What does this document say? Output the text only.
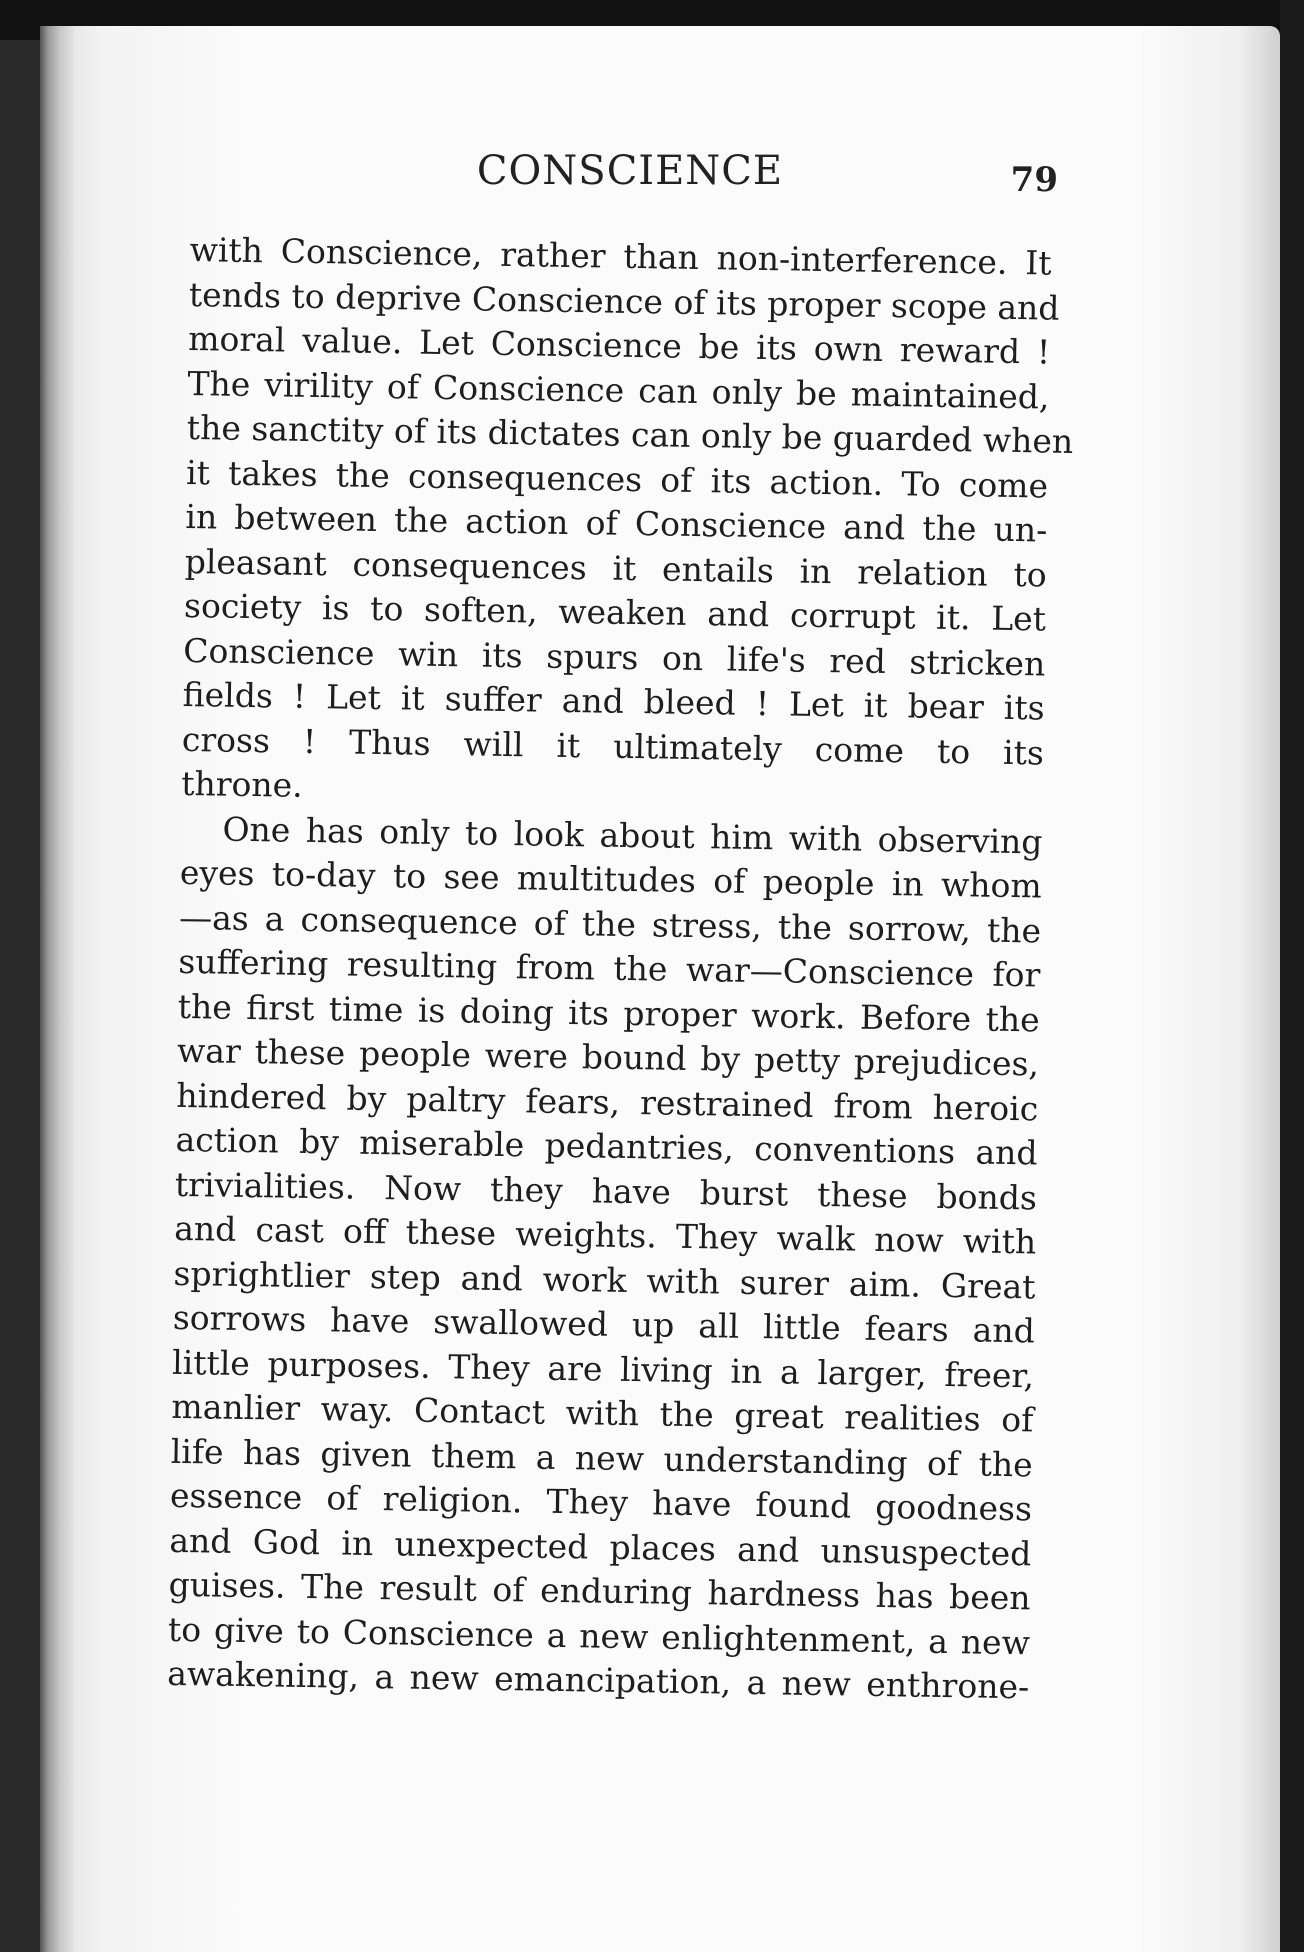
CONSCIENCE	79
with Conscience, rather than non-interference. It
tends to deprive Conscience of its proper scope and
moral value. Let Conscience be its own reward !
The virility of Conscience can only be maintained,
the sanctity of its dictates can only be guarded when
it takes the consequences of its action. To come
in between the action of Conscience and the un-
pleasant consequences it entails in relation to
society is to soften, weaken and corrupt it. Let
Conscience win its spurs on life's red stricken
fields ! Let it suffer and bleed ! Let it bear its
cross ! Thus will it ultimately come to its
throne.
One has only to look about him with observing
eyes to-day to see multitudes of people in whom
—as a consequence of the stress, the sorrow, the
suffering resulting from the war—Conscience for
the first time is doing its proper work. Before the
war these people were bound by petty prejudices,
hindered by paltry fears, restrained from heroic
action by miserable pedantries, conventions and
trivialities. Now they have burst these bonds
and cast off these weights. They walk now with
sprightlier step and work with surer aim. Great
sorrows have swallowed up all little fears and
little purposes. They are living in a larger, freer,
manlier way. Contact with the great realities of
life has given them a new understanding of the
essence of religion. They have found goodness
and God in unexpected places and unsuspected
guises. The result of enduring hardness has been
to give to Conscience a new enlightenment, a new
awakening, a new emancipation, a new enthrone-
